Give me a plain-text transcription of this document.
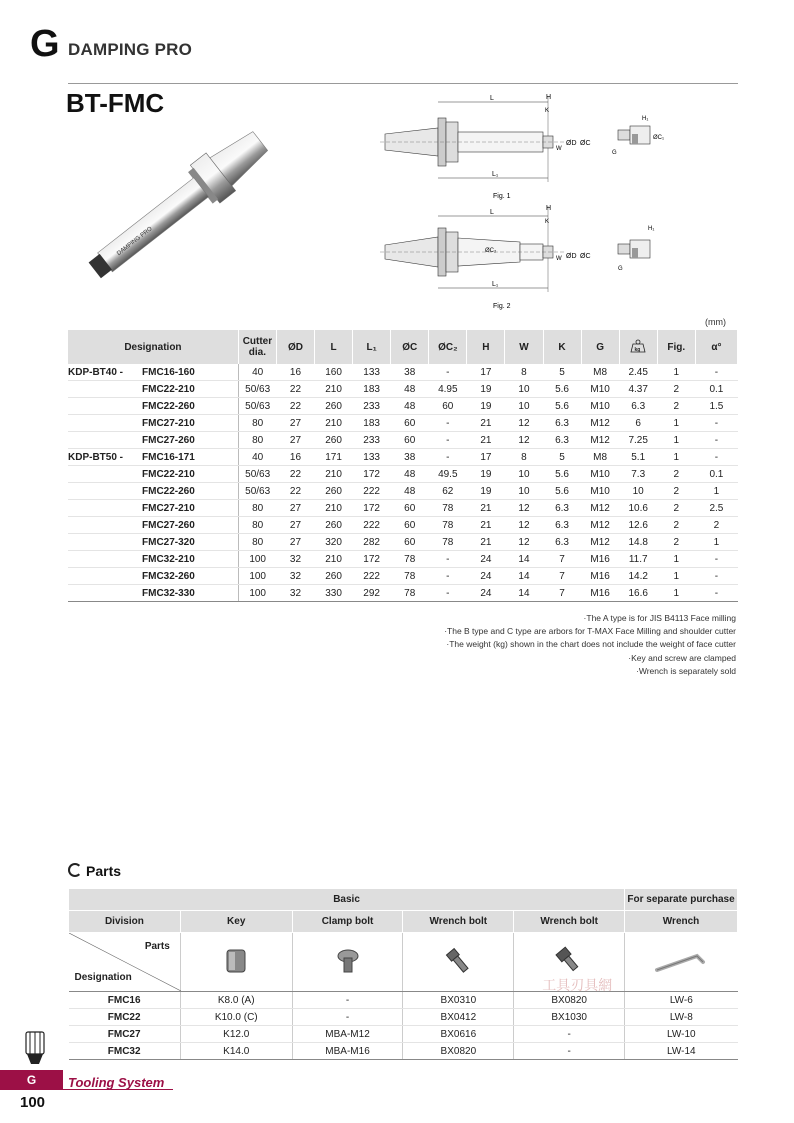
G DAMPING PRO
BT-FMC
DAMPING PRO
L	H
K
W
ØD ØC
L₁
H₁
ØC₁
G
Fig. 1
L
H
K
ØC₂
W ØD ØC
L₁
H₁
G
Fig. 2
(mm)
Designation	Cutter dia.	ØD	L	L₁	ØC	ØC₂	H	W	K	G	kg	Fig.	α°
KDP-BT40 - FMC16-160	40	16	160	133	38	-	17	8	5	M8	2.45	1	-
FMC22-210	50/63	22	210	183	48	4.95	19	10	5.6	M10	4.37	2	0.1
FMC22-260	50/63	22	260	233	48	60	19	10	5.6	M10	6.3	2	1.5
FMC27-210	80	27	210	183	60	-	21	12	6.3	M12	6	1	-
FMC27-260	80	27	260	233	60	-	21	12	6.3	M12	7.25	1	-
KDP-BT50 - FMC16-171	40	16	171	133	38	-	17	8	5	M8	5.1	1	-
FMC22-210	50/63	22	210	172	48	49.5	19	10	5.6	M10	7.3	2	0.1
FMC22-260	50/63	22	260	222	48	62	19	10	5.6	M10	10	2	1
FMC27-210	80	27	210	172	60	78	21	12	6.3	M12	10.6	2	2.5
FMC27-260	80	27	260	222	60	78	21	12	6.3	M12	12.6	2	2
FMC27-320	80	27	320	282	60	78	21	12	6.3	M12	14.8	2	1
FMC32-210	100	32	210	172	78	-	24	14	7	M16	11.7	1	-
FMC32-260	100	32	260	222	78	-	24	14	7	M16	14.2	1	-
FMC32-330	100	32	330	292	78	-	24	14	7	M16	16.6	1	-
·The A type is for JIS B4113 Face milling
·The B type and C type are arbors for T-MAX Face Milling and shoulder cutter
·The weight (kg) shown in the chart does not include the weight of face cutter
·Key and screw are clamped
·Wrench is separately sold
Parts
Basic					For separate purchase
Division	Key	Clamp bolt	Wrench bolt	Wrench bolt	Wrench

Parts
Designation				工具刃具網

FMC16	K8.0 (A)	-	BX0310	BX0820	LW-6
FMC22	K10.0 (C)	-	BX0412	BX1030	LW-8
FMC27	K12.0	MBA-M12	BX0616	-	LW-10
FMC32	K14.0	MBA-M16	BX0820	-	LW-14
G	Tooling System
100
